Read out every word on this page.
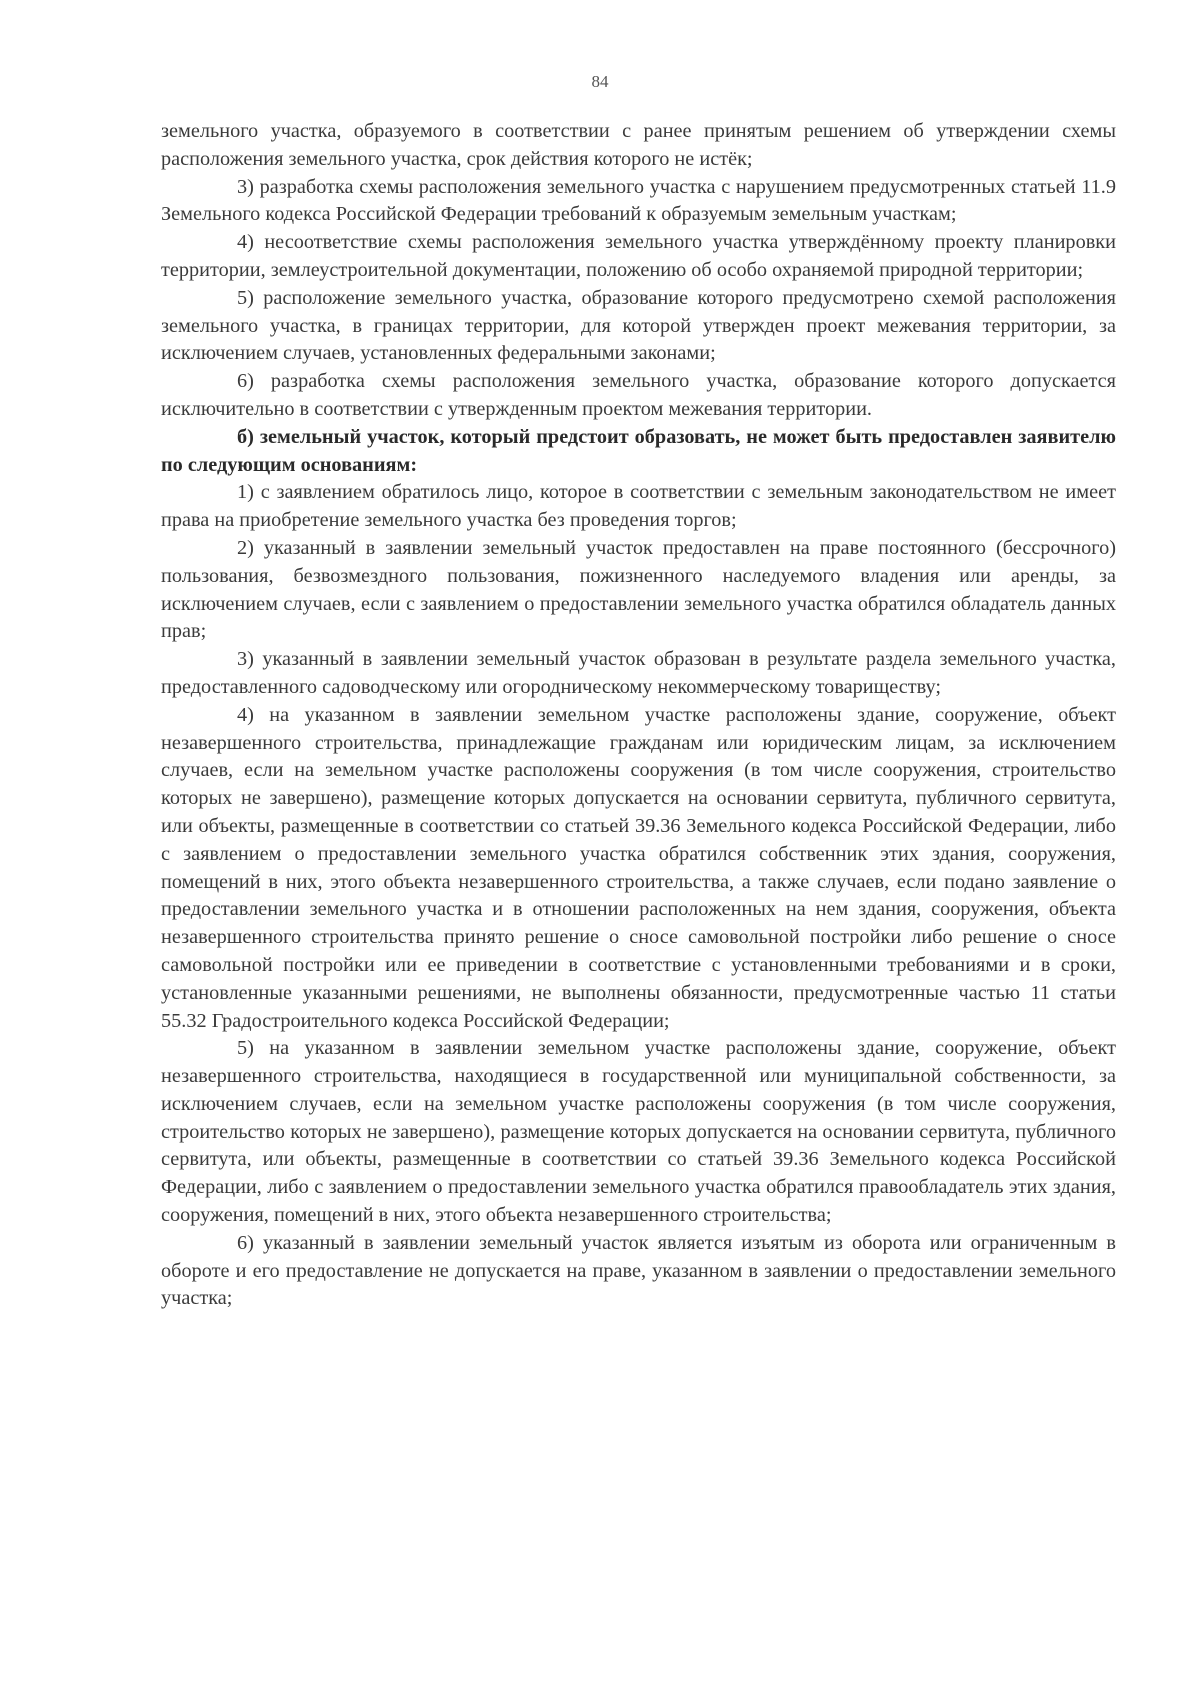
84

земельного участка, образуемого в соответствии с ранее принятым решением об утверждении схемы расположения земельного участка, срок действия которого не истёк;

3) разработка схемы расположения земельного участка с нарушением предусмотренных статьей 11.9 Земельного кодекса Российской Федерации требований к образуемым земельным участкам;

4) несоответствие схемы расположения земельного участка утверждённому проекту планировки территории, землеустроительной документации, положению об особо охраняемой природной территории;

5) расположение земельного участка, образование которого предусмотрено схемой расположения земельного участка, в границах территории, для которой утвержден проект межевания территории, за исключением случаев, установленных федеральными законами;

6) разработка схемы расположения земельного участка, образование которого допускается исключительно в соответствии с утвержденным проектом межевания территории.

б) земельный участок, который предстоит образовать, не может быть предоставлен заявителю по следующим основаниям:

1) с заявлением обратилось лицо, которое в соответствии с земельным законодательством не имеет права на приобретение земельного участка без проведения торгов;

2) указанный в заявлении земельный участок предоставлен на праве постоянного (бессрочного) пользования, безвозмездного пользования, пожизненного наследуемого владения или аренды, за исключением случаев, если с заявлением о предоставлении земельного участка обратился обладатель данных прав;

3) указанный в заявлении земельный участок образован в результате раздела земельного участка, предоставленного садоводческому или огородническому некоммерческому товариществу;

4) на указанном в заявлении земельном участке расположены здание, сооружение, объект незавершенного строительства, принадлежащие гражданам или юридическим лицам, за исключением случаев, если на земельном участке расположены сооружения (в том числе сооружения, строительство которых не завершено), размещение которых допускается на основании сервитута, публичного сервитута, или объекты, размещенные в соответствии со статьей 39.36 Земельного кодекса Российской Федерации, либо с заявлением о предоставлении земельного участка обратился собственник этих здания, сооружения, помещений в них, этого объекта незавершенного строительства, а также случаев, если подано заявление о предоставлении земельного участка и в отношении расположенных на нем здания, сооружения, объекта незавершенного строительства принято решение о сносе самовольной постройки либо решение о сносе самовольной постройки или ее приведении в соответствие с установленными требованиями и в сроки, установленные указанными решениями, не выполнены обязанности, предусмотренные частью 11 статьи 55.32 Градостроительного кодекса Российской Федерации;

5) на указанном в заявлении земельном участке расположены здание, сооружение, объект незавершенного строительства, находящиеся в государственной или муниципальной собственности, за исключением случаев, если на земельном участке расположены сооружения (в том числе сооружения, строительство которых не завершено), размещение которых допускается на основании сервитута, публичного сервитута, или объекты, размещенные в соответствии со статьей 39.36 Земельного кодекса Российской Федерации, либо с заявлением о предоставлении земельного участка обратился правообладатель этих здания, сооружения, помещений в них, этого объекта незавершенного строительства;

6) указанный в заявлении земельный участок является изъятым из оборота или ограниченным в обороте и его предоставление не допускается на праве, указанном в заявлении о предоставлении земельного участка;
